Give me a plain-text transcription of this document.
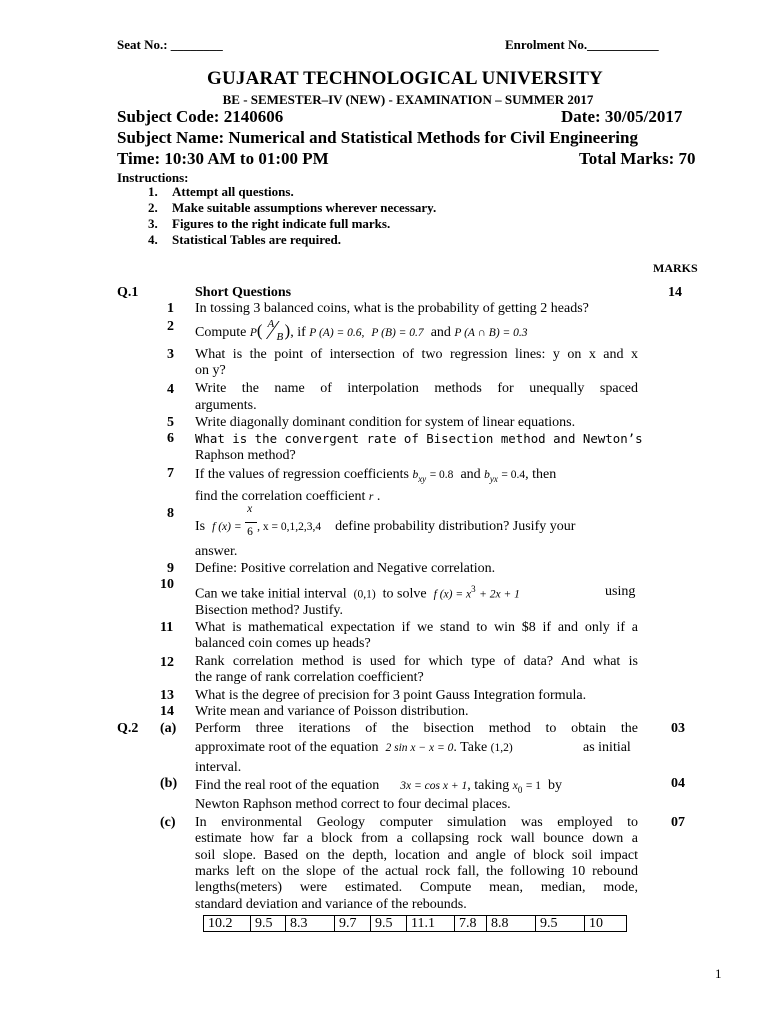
Seat No.: ________	Enrolment No.___________
GUJARAT TECHNOLOGICAL UNIVERSITY
BE - SEMESTER–IV (NEW) - EXAMINATION – SUMMER 2017
Subject Code: 2140606	Date: 30/05/2017
Subject Name: Numerical and Statistical Methods for Civil Engineering
Time: 10:30 AM to 01:00 PM	Total Marks: 70
Instructions:
1. Attempt all questions.
2. Make suitable assumptions wherever necessary.
3. Figures to the right indicate full marks.
4. Statistical Tables are required.
MARKS
Q.1	Short Questions	14
1 In tossing 3 balanced coins, what is the probability of getting 2 heads?
2 Compute P( A
B ), if P (A) = 0.6, P (B) = 0.7 and P (A ∩ B) = 0.3
3 What is the point of intersection of two regression lines: y on x and x
on y?
4 Write the name of interpolation methods for unequally spaced
arguments.
5 Write diagonally dominant condition for system of linear equations.
6 What is the convergent rate of Bisection method and Newton’s
Raphson method?
7 If the values of regression coefficients $b_{xy} = 0.8$ and $b_{yx} = 0.4$, then
find the correlation coefficient r .
8
Is f $(x) = \frac{x}{6}$ , x = 0,1,2,3,4 define probability distribution? Jusify your
answer.
9 Define: Positive correlation and Negative correlation.
10
Can we take initial interval (0,1) to solve f $(x) = x^3 + 2x + 1$	using
Bisection method? Justify.
11 What is mathematical expectation if we stand to win $8 if and only if a
balanced coin comes up heads?
12 Rank correlation method is used for which type of data? And what is
the range of rank correlation coefficient?
13 What is the degree of precision for 3 point Gauss Integration formula.
14 Write mean and variance of Poisson distribution.
Q.2 (a) Perform three iterations of the bisection method to obtain the 03
approximate root of the equation 2 sin x − x = 0. Take (1,2)	as initial
interval.
(b)	04
Find the real root of the equation 3x = cos x + 1, taking $x_0 = 1$ by
Newton Raphson method correct to four decimal places.
(c)	07
In environmental Geology computer simulation was employed to
estimate how far a block from a collapsing rock wall bounce down a
soil slope. Based on the depth, location and angle of block soil impact
marks left on the slope of the actual rock fall, the following 10 rebound
lengths(meters) were estimated. Compute mean, median, mode,
standard deviation and variance of the rebounds.
10.2	9.5	8.3	9.7	9.5	11.1	7.8	8.8	9.5	10
1
